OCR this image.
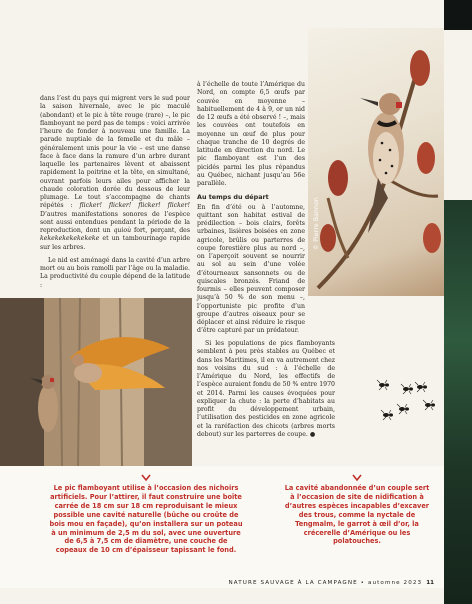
© Pierre Bannon

dans l’est du pays qui migrent vers le sud pour la saison hivernale, avec le pic maculé (abondant) et le pic à tête rouge (rare) –, le pic flamboyant ne perd pas de temps : voici arrivée l’heure de fonder à nouveau une famille. La parade nuptiale de la femelle et du mâle – généralement unis pour la vie – est une danse face à face dans la ramure d’un arbre durant laquelle les partenaires lèvent et abaissent rapidement la poitrine et la tête, en simultané, ouvrant parfois leurs ailes pour afficher la chaude coloration dorée du dessous de leur plumage. Le tout s’accompagne de chants répétés : flicker! flicker! flicker! flicker! D’autres manifestations sonores de l’espèce sont aussi entendues pendant la période de la reproduction, dont un quioù fort, perçant, des kekekekekekekeke et un tambourinage rapide sur les arbres.

Le nid est aménagé dans la cavité d’un arbre mort ou au bois ramolli par l’âge ou la maladie. La productivité du couple dépend de la latitude :

à l’échelle de toute l’Amérique du Nord, on compte 6,5 œufs par couvée en moyenne – habituellement de 4 à 9, or un nid de 12 œufs a été observé ! –, mais les couvées ont toutefois en moyenne un œuf de plus pour chaque tranche de 10 degrés de latitude en direction du nord. Le pic flamboyant est l’un des picidés parmi les plus répandus au Québec, nichant jusqu’au 56e parallèle.

Au temps du départ

En fin d’été ou à l’automne, quittant son habitat estival de prédilection – bois clairs, forêts urbaines, lisières boisées en zone agricole, brûlis ou parterres de coupe forestière plus au nord –, on l’aperçoit souvent se nourrir au sol au sein d’une volée d’étourneaux sansonnets ou de quiscales bronzés. Friand de fourmis – elles peuvent composer jusqu’à 50 % de son menu –, l’opportuniste pic profite d’un groupe d’autres oiseaux pour se déplacer et ainsi réduire le risque d’être capturé par un prédateur.

Si les populations de pics flamboyants semblent à peu près stables au Québec et dans les Maritimes, il en va autrement chez nos voisins du sud : à l’échelle de l’Amérique du Nord, les effectifs de l’espèce auraient fondu de 50 % entre 1970 et 2014. Parmi les causes évoquées pour expliquer la chute : la perte d’habitats au profit du développement urbain, l’utilisation des pesticides en zone agricole et la raréfaction des chicots (arbres morts debout) sur les parterres de coupe. ●

Le pic flamboyant utilise à l’occasion des nichoirs artificiels. Pour l’attirer, il faut construire une boîte carrée de 18 cm sur 18 cm reproduisant le mieux possible une cavité naturelle (bûche ou croûte de bois mou en façade), qu’on installera sur un poteau à un minimum de 2,5 m du sol, avec une ouverture de 6,5 à 7,5 cm de diamètre, une couche de copeaux de 10 cm d’épaisseur tapissant le fond.
La cavité abandonnée d’un couple sert à l’occasion de site de nidification à d’autres espèces incapables d’excaver des trous, comme la nyctale de Tengmalm, le garrot à œil d’or, la crécerelle d’Amérique ou les polatouches.
NATURE SAUVAGE À LA CAMPAGNE • automne 2023 11
